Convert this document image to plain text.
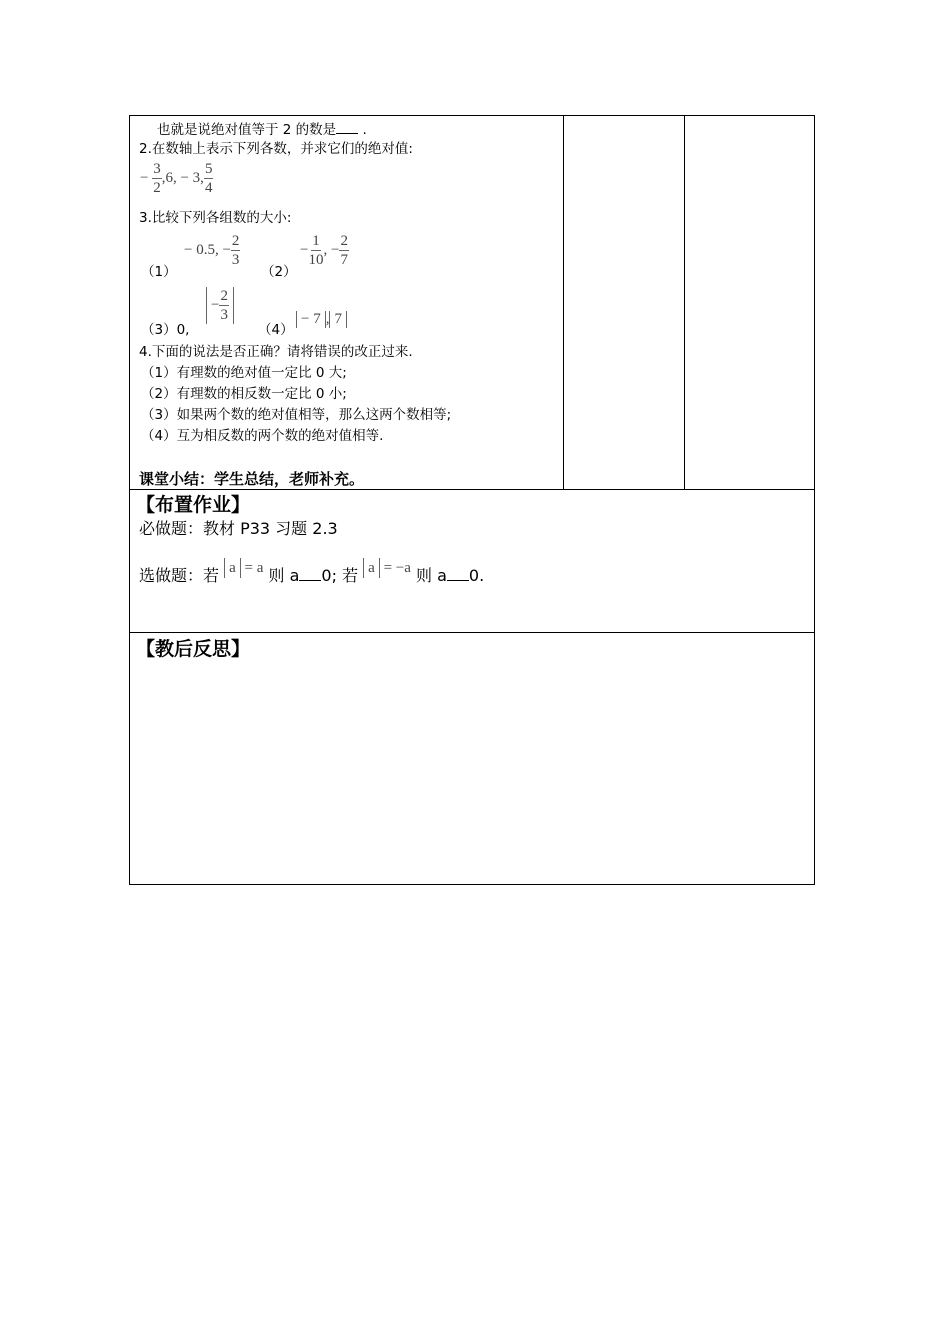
也就是说绝对值等于 2 的数是 .
2.在数轴上表示下列各数，并求它们的绝对值:
− $\frac{3}{2} ,6$, − 3, $\frac{5}{4}$
3.比较下列各组数的大小:
（1）
− 0.5, − $\frac{2}{3}$
（2）
− $\frac{1}{10}$ , − $\frac{2}{7}$
（3）0,
− $\frac{2}{3}$
（4）
− 7 , 7
4.下面的说法是否正确？请将错误的改正过来.
（1）有理数的绝对值一定比 0 大;
（2）有理数的相反数一定比 0 小;
（3）如果两个数的绝对值相等，那么这两个数相等;
（4）互为相反数的两个数的绝对值相等.
课堂小结：学生总结，老师补充。
【布置作业】
必做题：教材 P33 习题 2.3
选做题：若 a = a 则 a 0; 若 a = −a 则 a 0.
【教后反思】
